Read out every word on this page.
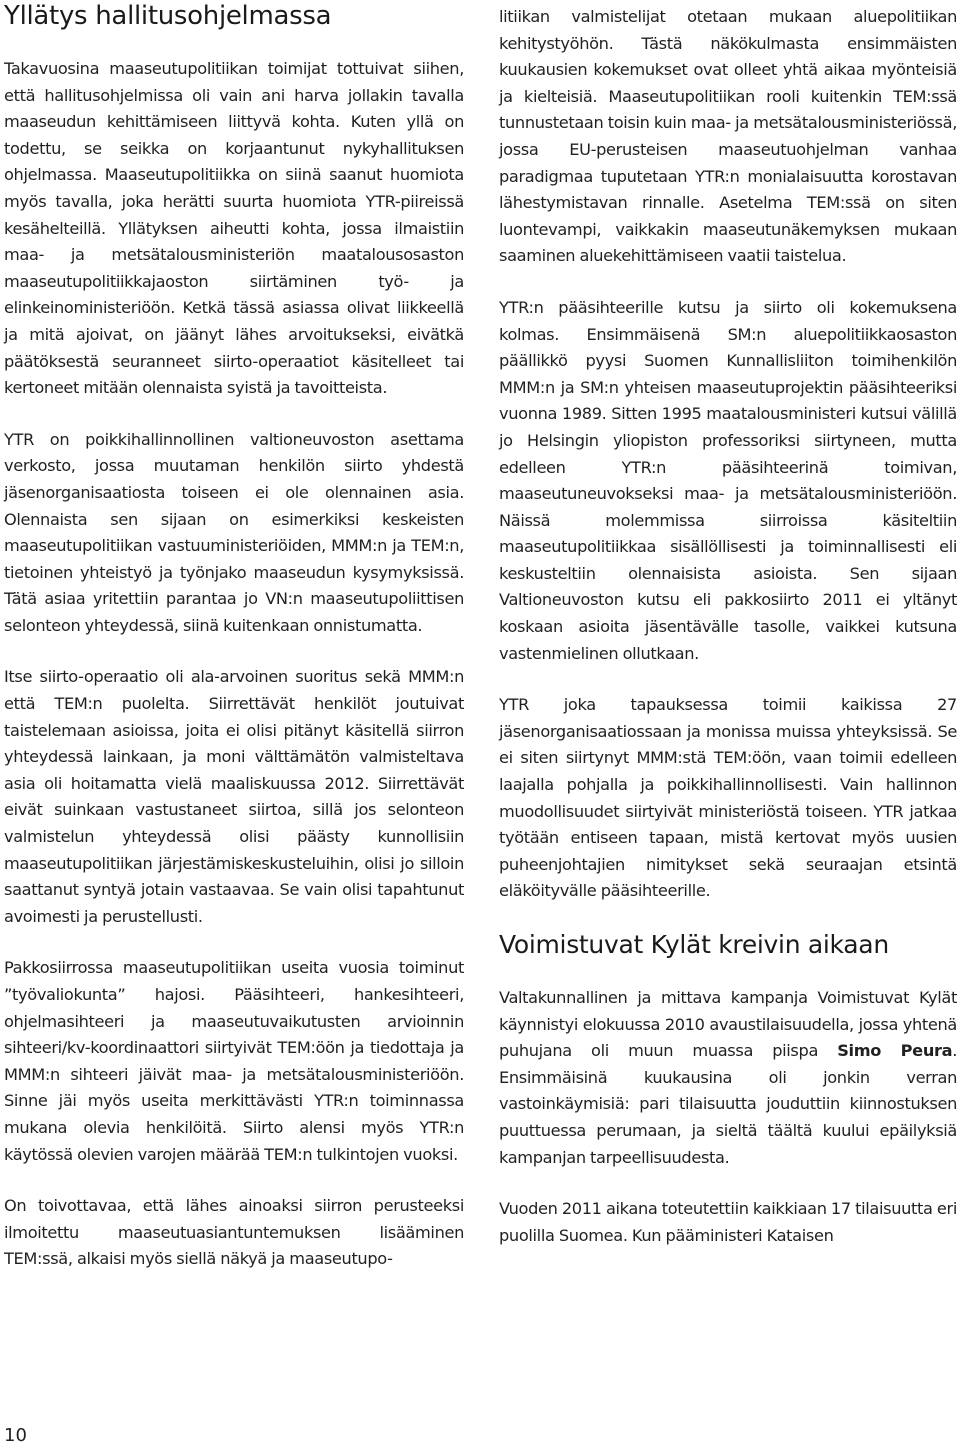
Yllätys hallitusohjelmassa

Takavuosina maaseutupolitiikan toimijat tottuivat siihen, että hallitusohjelmissa oli vain ani harva jollakin tavalla maaseudun kehittämiseen liittyvä kohta. Kuten yllä on todettu, se seikka on korjaantunut nykyhallituksen ohjelmassa. Maaseutupolitiikka on siinä saanut huomiota myös tavalla, joka herätti suurta huomiota YTR-piireissä kesähelteillä. Yllätyksen aiheutti kohta, jossa ilmaistiin maa- ja metsätalousministeriön maatalousosaston maaseutupolitiikkajaoston siirtäminen työ- ja elinkeinoministeriöön. Ketkä tässä asiassa olivat liikkeellä ja mitä ajoivat, on jäänyt lähes arvoitukseksi, eivätkä päätöksestä seuranneet siirto-operaatiot käsitelleet tai kertoneet mitään olennaista syistä ja tavoitteista.

YTR on poikkihallinnollinen valtioneuvoston asettama verkosto, jossa muutaman henkilön siirto yhdestä jäsenorganisaatiosta toiseen ei ole olennainen asia. Olennaista sen sijaan on esimerkiksi keskeisten maaseutupolitiikan vastuuministeriöiden, MMM:n ja TEM:n, tietoinen yhteistyö ja työnjako maaseudun kysymyksissä. Tätä asiaa yritettiin parantaa jo VN:n maaseutupoliittisen selonteon yhteydessä, siinä kuitenkaan onnistumatta.

Itse siirto-operaatio oli ala-arvoinen suoritus sekä MMM:n että TEM:n puolelta. Siirrettävät henkilöt joutuivat taistelemaan asioissa, joita ei olisi pitänyt käsitellä siirron yhteydessä lainkaan, ja moni välttämätön valmisteltava asia oli hoitamatta vielä maaliskuussa 2012. Siirrettävät eivät suinkaan vastustaneet siirtoa, sillä jos selonteon valmistelun yhteydessä olisi päästy kunnollisiin maaseutupolitiikan järjestämiskeskusteluihin, olisi jo silloin saattanut syntyä jotain vastaavaa. Se vain olisi tapahtunut avoimesti ja perustellusti.

Pakkosiirrossa maaseutupolitiikan useita vuosia toiminut ”työvaliokunta” hajosi. Pääsihteeri, hankesihteeri, ohjelmasihteeri ja maaseutuvaikutusten arvioinnin sihteeri/kv-koordinaattori siirtyivät TEM:öön ja tiedottaja ja MMM:n sihteeri jäivät maa- ja metsätalousministeriöön. Sinne jäi myös useita merkittävästi YTR:n toiminnassa mukana olevia henkilöitä. Siirto alensi myös YTR:n käytössä olevien varojen määrää TEM:n tulkintojen vuoksi.

On toivottavaa, että lähes ainoaksi siirron perusteeksi ilmoitettu maaseutuasiantuntemuksen lisääminen TEM:ssä, alkaisi myös siellä näkyä ja maaseutupo-

litiikan valmistelijat otetaan mukaan aluepolitiikan kehitystyöhön. Tästä näkökulmasta ensimmäisten kuukausien kokemukset ovat olleet yhtä aikaa myönteisiä ja kielteisiä. Maaseutupolitiikan rooli kuitenkin TEM:ssä tunnustetaan toisin kuin maa- ja metsätalousministeriössä, jossa EU-perusteisen maaseutuohjelman vanhaa paradigmaa tuputetaan YTR:n monialaisuutta korostavan lähestymistavan rinnalle. Asetelma TEM:ssä on siten luontevampi, vaikkakin maaseutunäkemyksen mukaan saaminen aluekehittämiseen vaatii taistelua.

YTR:n pääsihteerille kutsu ja siirto oli kokemuksena kolmas. Ensimmäisenä SM:n aluepolitiikkaosaston päällikkö pyysi Suomen Kunnallisliiton toimihenkilön MMM:n ja SM:n yhteisen maaseutuprojektin pääsihteeriksi vuonna 1989. Sitten 1995 maatalousministeri kutsui välillä jo Helsingin yliopiston professoriksi siirtyneen, mutta edelleen YTR:n pääsihteerinä toimivan, maaseutuneuvokseksi maa- ja metsätalousministeriöön. Näissä molemmissa siirroissa käsiteltiin maaseutupolitiikkaa sisällöllisesti ja toiminnallisesti eli keskusteltiin olennaisista asioista. Sen sijaan Valtioneuvoston kutsu eli pakkosiirto 2011 ei yltänyt koskaan asioita jäsentävälle tasolle, vaikkei kutsuna vastenmielinen ollutkaan.

YTR joka tapauksessa toimii kaikissa 27 jäsenorganisaatiossaan ja monissa muissa yhteyksissä. Se ei siten siirtynyt MMM:stä TEM:öön, vaan toimii edelleen laajalla pohjalla ja poikkihallinnollisesti. Vain hallinnon muodollisuudet siirtyivät ministeriöstä toiseen. YTR jatkaa työtään entiseen tapaan, mistä kertovat myös uusien puheenjohtajien nimitykset sekä seuraajan etsintä eläköityvälle pääsihteerille.

Voimistuvat Kylät kreivin aikaan

Valtakunnallinen ja mittava kampanja Voimistuvat Kylät käynnistyi elokuussa 2010 avaustilaisuudella, jossa yhtenä puhujana oli muun muassa piispa Simo Peura. Ensimmäisinä kuukausina oli jonkin verran vastoinkäymisiä: pari tilaisuutta jouduttiin kiinnostuksen puuttuessa perumaan, ja sieltä täältä kuului epäilyksiä kampanjan tarpeellisuudesta.

Vuoden 2011 aikana toteutettiin kaikkiaan 17 tilaisuutta eri puolilla Suomea. Kun pääministeri Kataisen

10
